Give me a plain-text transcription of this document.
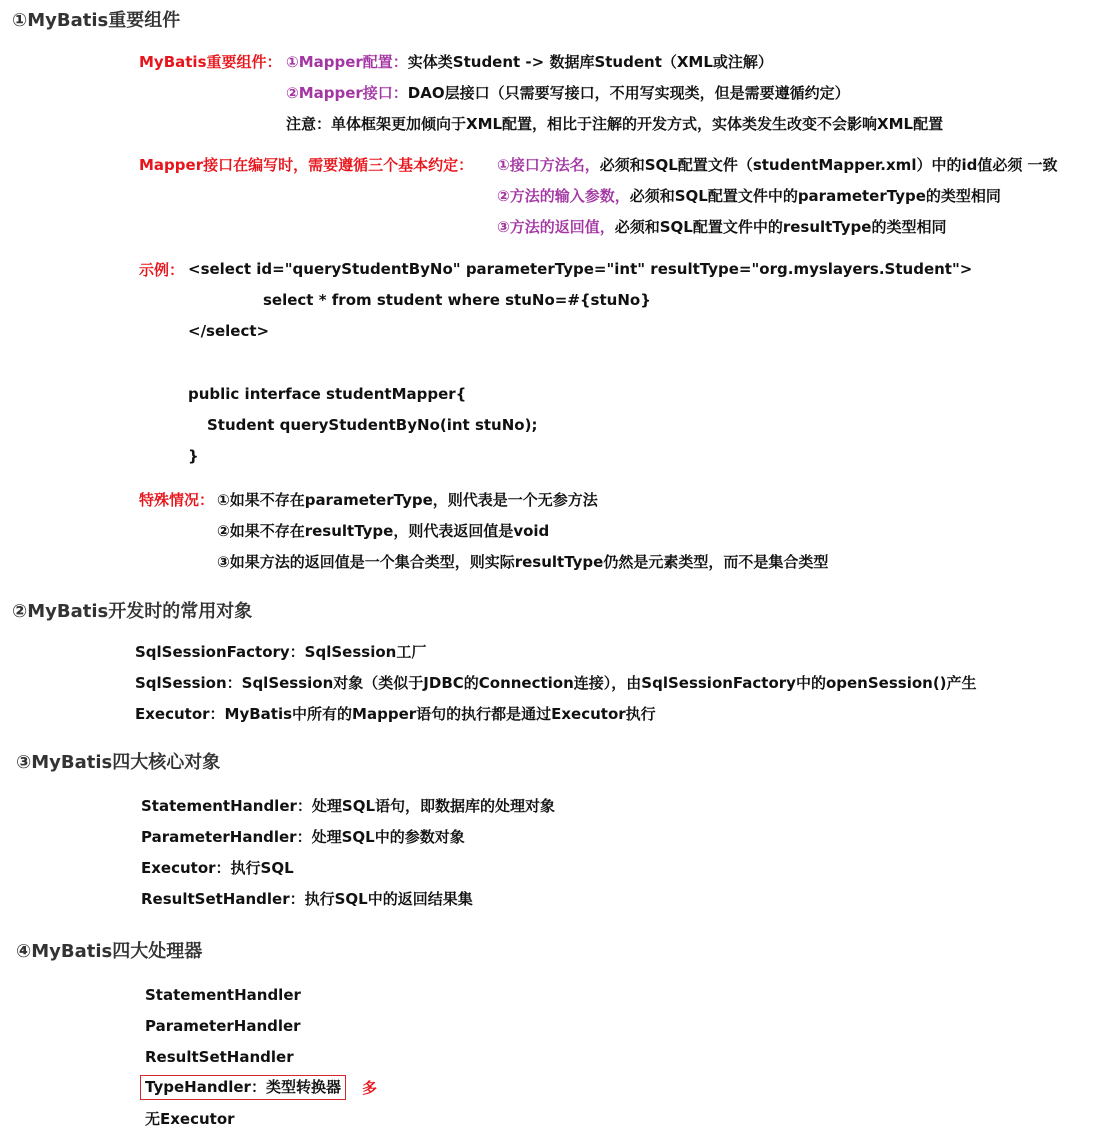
①MyBatis重要组件
MyBatis重要组件： ①Mapper配置：实体类Student -> 数据库Student（XML或注解）
②Mapper接口：DAO层接口（只需要写接口，不用写实现类，但是需要遵循约定）
注意：单体框架更加倾向于XML配置，相比于注解的开发方式，实体类发生改变不会影响XML配置
Mapper接口在编写时，需要遵循三个基本约定： ①接口方法名，必须和SQL配置文件（studentMapper.xml）中的id值必须 一致
②方法的输入参数，必须和SQL配置文件中的parameterType的类型相同
③方法的返回值，必须和SQL配置文件中的resultType的类型相同
示例： <select id="queryStudentByNo" parameterType="int" resultType="org.myslayers.Student">
select * from student where stuNo=#{stuNo}
</select>
public interface studentMapper{
Student queryStudentByNo(int stuNo);
}
特殊情况： ①如果不存在parameterType，则代表是一个无参方法
②如果不存在resultType，则代表返回值是void
③如果方法的返回值是一个集合类型，则实际resultType仍然是元素类型，而不是集合类型
②MyBatis开发时的常用对象
SqlSessionFactory：SqlSession工厂
SqlSession：SqlSession对象（类似于JDBC的Connection连接），由SqlSessionFactory中的openSession()产生
Executor：MyBatis中所有的Mapper语句的执行都是通过Executor执行
③MyBatis四大核心对象
StatementHandler：处理SQL语句，即数据库的处理对象
ParameterHandler：处理SQL中的参数对象
Executor：执行SQL
ResultSetHandler：执行SQL中的返回结果集
④MyBatis四大处理器
StatementHandler
ParameterHandler
ResultSetHandler
TypeHandler：类型转换器	多
无Executor
